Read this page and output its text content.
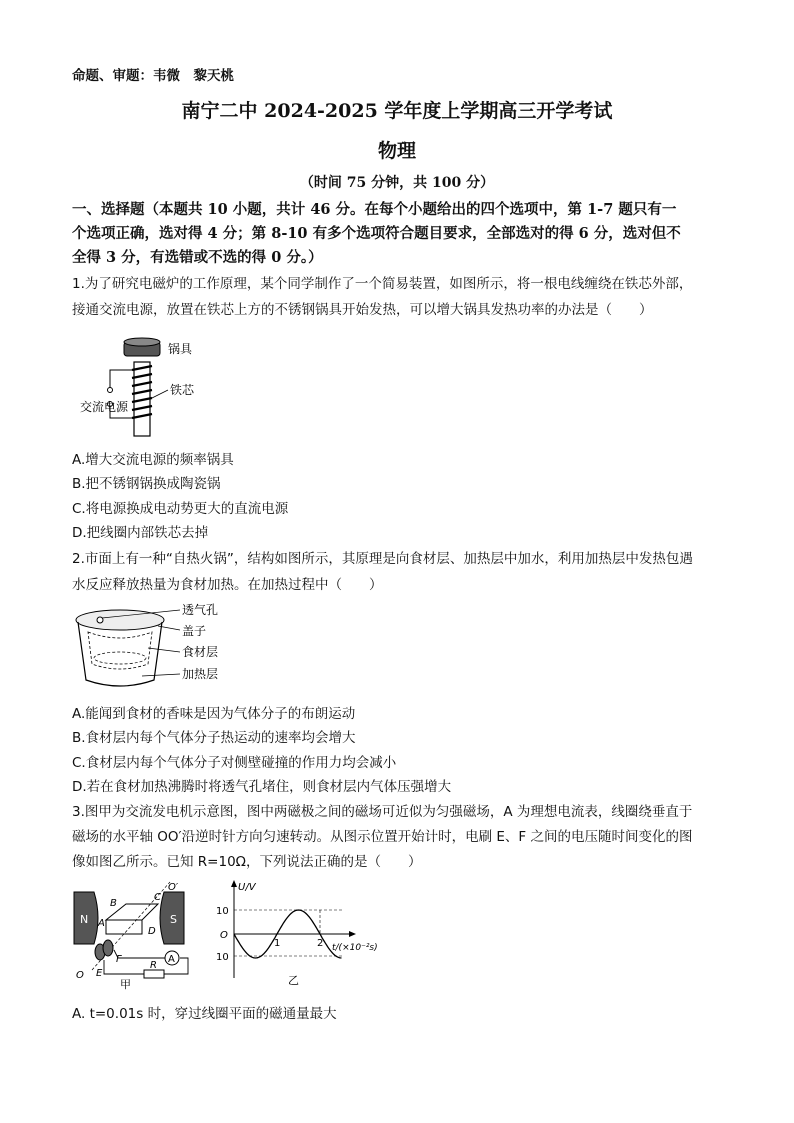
命题、审题：韦微　黎天桃
南宁二中 2024-2025 学年度上学期高三开学考试
物理
（时间 75 分钟，共 100 分）
一、选择题（本题共 10 小题，共计 46 分。在每个小题给出的四个选项中，第 1-7 题只有一
个选项正确，选对得 4 分；第 8-10 有多个选项符合题目要求，全部选对的得 6 分，选对但不
全得 3 分，有选错或不选的得 0 分。）
1.为了研究电磁炉的工作原理，某个同学制作了一个简易装置，如图所示，将一根电线缠绕在铁芯外部，
接通交流电源，放置在铁芯上方的不锈钢锅具开始发热，可以增大锅具发热功率的办法是（　　）
锅具
交流电源
铁芯
A.增大交流电源的频率锅具
B.把不锈钢锅换成陶瓷锅
C.将电源换成电动势更大的直流电源
D.把线圈内部铁芯去掉
2.市面上有一种“自热火锅”，结构如图所示，其原理是向食材层、加热层中加水，利用加热层中发热包遇
水反应释放热量为食材加热。在加热过程中（　　）
透气孔
盖子
食材层
加热层
A.能闻到食材的香味是因为气体分子的布朗运动
B.食材层内每个气体分子热运动的速率均会增大
C.食材层内每个气体分子对侧壁碰撞的作用力均会减小
D.若在食材加热沸腾时将透气孔堵住，则食材层内气体压强增大
3.图甲为交流发电机示意图，图中两磁极之间的磁场可近似为匀强磁场，A 为理想电流表，线圈绕垂直于
磁场的水平轴 OO′沿逆时针方向匀速转动。从图示位置开始计时，电刷 E、F 之间的电压随时间变化的图
像如图乙所示。已知 R=10Ω，下列说法正确的是（　　）
N	S
B
C
A
D
O′
O E
F
R
A
甲
U/V
10
10
O
1	2 t/(×10⁻²s)
乙
A. t=0.01s 时，穿过线圈平面的磁通量最大
